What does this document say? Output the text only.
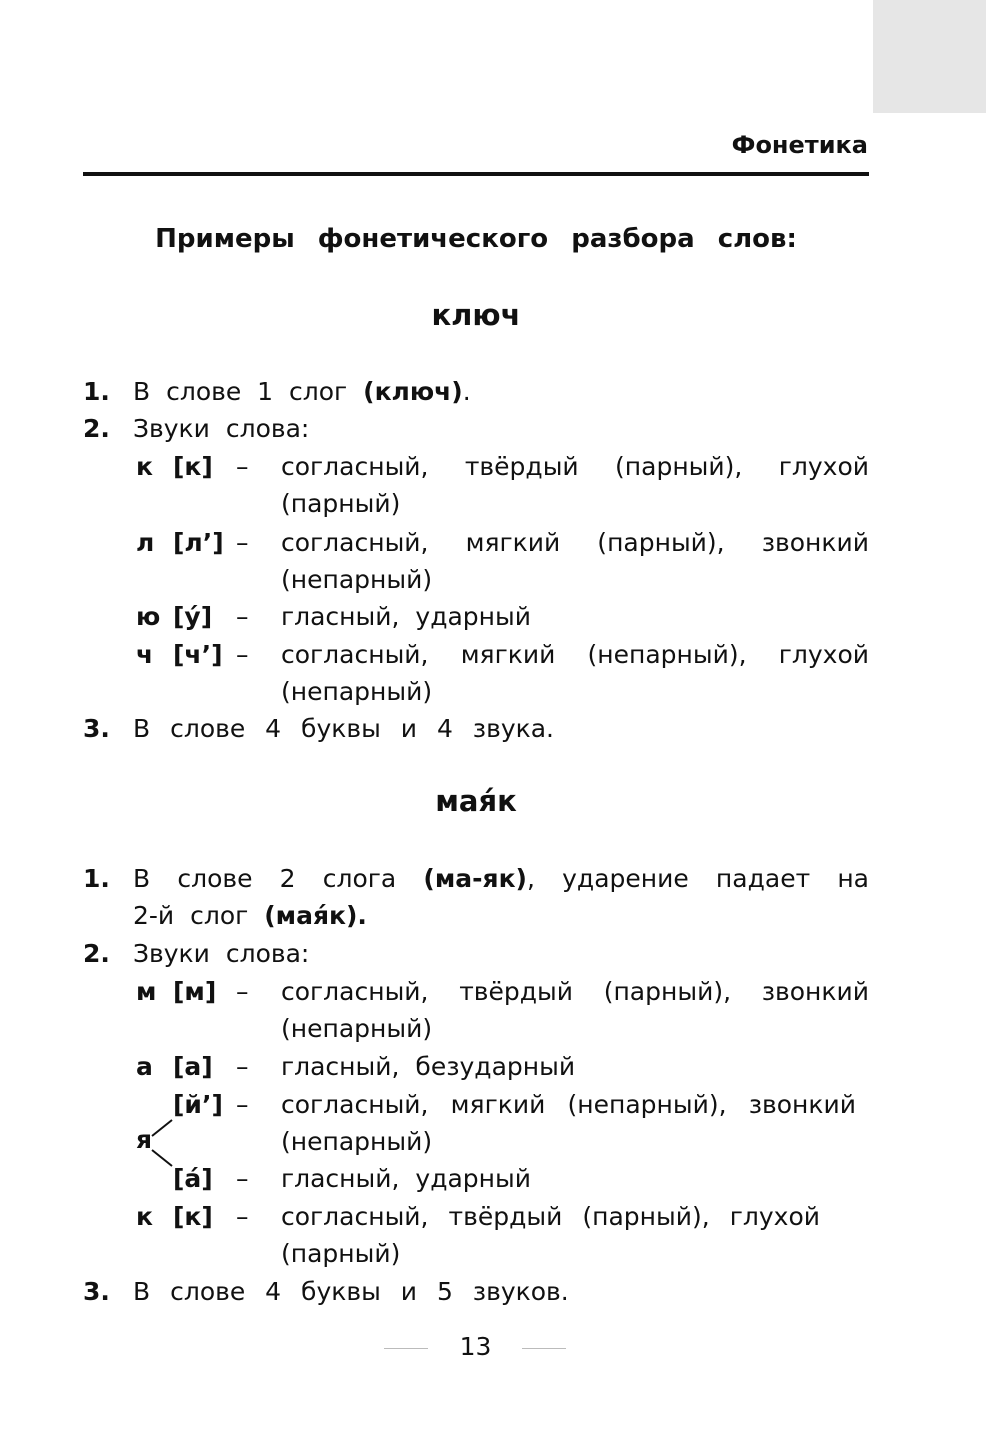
Фонетика
Примеры фонетического разбора слов:
ключ
1. В слове 1 слог (ключ).
2. Звуки слова:
к [к] – согласный, твёрдый (парный), глухой
(парный)
л [л’] – согласный, мягкий (парный), звонкий
(непарный)
ю [у́] – гласный, ударный
ч [ч’] – согласный, мягкий (непарный), глухой
(непарный)
3. В слове 4 буквы и 4 звука.
мая́к
1. В слове 2 слога (ма-як), ударение падает на
2-й слог (мая́к).
2. Звуки слова:
м [м] – согласный, твёрдый (парный), звонкий
(непарный)
а [а] – гласный, безударный
я
[й’] – согласный, мягкий (непарный), звонкий
(непарный)
[а́] – гласный, ударный
к [к] – согласный, твёрдый (парный), глухой
(парный)
3. В слове 4 буквы и 5 звуков.
13
